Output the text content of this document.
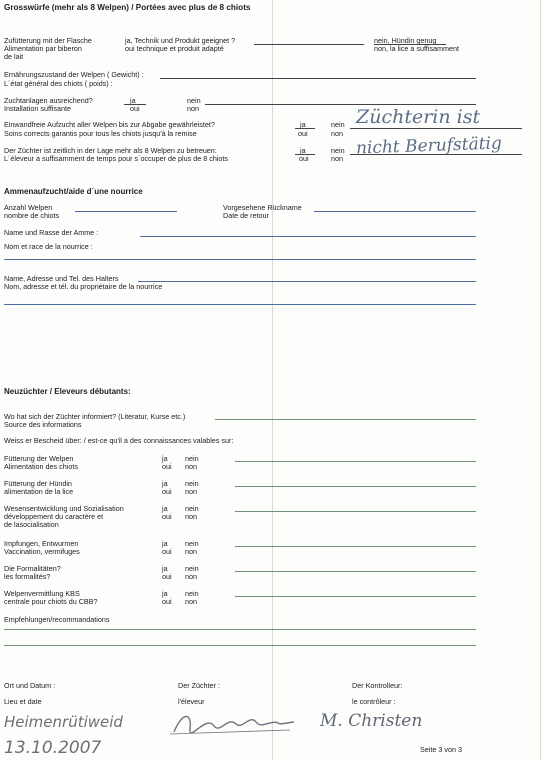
Grosswürfe (mehr als 8 Welpen) / Portées avec plus de 8 chiots
Zufütterung mit der Flasche
Alimentation par biberon
de lait
ja, Technik und Produkt geeignet ?
oui technique et produit adapté
nein, Hündin genug
non, la lice a suffisamment
Ernährungszustand der Welpen ( Gewicht) :
L´état général des chiots ( poids) :
Zuchtanlagen ausreichend?
Installation suffisante
ja
oui
nein
non
Einwandfreie Aufzucht aller Welpen bis zur Abgabe gewährleistet?
Soins corrects garantis pour tous les chiots jusqu'à la remise
ja
oui
nein
non
Der Züchter ist zeitlich in der Lage mehr als 8 Welpen zu betreuen:
L´éleveur a suffisamment de temps pour s´occuper de plus de 8 chiots
ja
oui
nein
non
Züchterin ist
nicht Berufstätig
Ammenaufzucht/aide d´une nourrice
Anzahl Welpen
nombre de chiots
Vorgesehene Rückname
Date de retour
Name und Rasse der Amme :
Nom et race de la nourrice :
Name, Adresse und Tel. des Halters
Nom, adresse et tél. du propriétaire de la nourrice
Neuzüchter / Eleveurs débutants:
Wo hat sich der Züchter informiert? (Literatur, Kurse etc.)
Source des informations
Weiss er Bescheid über: / est-ce qu'il a des connaissances valables sur:
Fütterung der Welpen
Alimentation des chiots
ja
oui
nein
non
Fütterung der Hündin
alimentation de la lice
ja
oui
nein
non
Wesensentwicklung und Sozialisation
développement du caractère et
de lasocialisation
ja
oui
nein
non
Impfungen, Entwurmen
Vaccination, vermifuges
ja
oui
nein
non
Die Formalitäten?
les formalités?
ja
oui
nein
non
Welpenvermittlung KBS
centrale pour chiots du CBB?
ja
oui
nein
non
Empfehlungen/recommandations
Ort und Datum :
Lieu et date
Der Züchter :
l'éleveur
Der Kontrolleur:
le contrôleur :
Heimenrütiweid	M. Christen
13.10.2007	Seite 3 von 3
